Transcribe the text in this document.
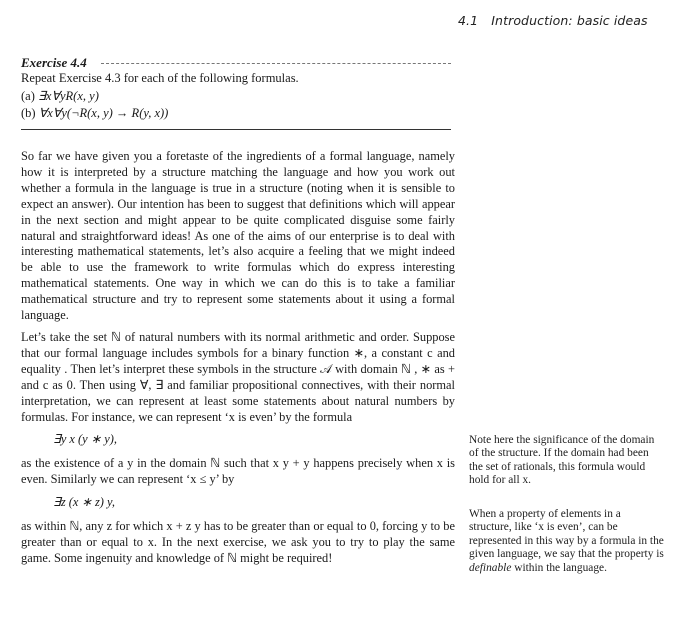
4.1 Introduction: basic ideas
Exercise 4.4
Repeat Exercise 4.3 for each of the following formulas.
(a) ∃x∀yR(x, y)
(b) ∀x∀y(¬R(x, y) → R(y, x))

So far we have given you a foretaste of the ingredients of a formal language, namely how it is interpreted by a structure matching the language and how you work out whether a formula in the language is true in a structure (noting when it is sensible to expect an answer). Our intention has been to suggest that definitions which will appear in the next section and might appear to be quite complicated disguise some fairly natural and straightforward ideas! As one of the aims of our enterprise is to deal with interesting mathematical statements, let’s also acquire a feeling that we might indeed be able to use the framework to write formulas which do express interesting mathematical statements. One way in which we can do this is to take a familiar mathematical structure and try to represent some statements about it using a formal language.

Let’s take the set ℕ of natural numbers with its normal arithmetic and order. Suppose that our formal language includes symbols for a binary function ∗, a constant c and equality . Then let’s interpret these symbols in the structure 𝒜 with domain ℕ , ∗ as + and c as 0. Then using ∀, ∃ and familiar propositional connectives, with their normal interpretation, we can represent at least some statements about natural numbers by formulas. For instance, we can represent ‘x is even’ by the formula

∃y x (y ∗ y),

as the existence of a y in the domain ℕ such that x y + y happens precisely when x is even. Similarly we can represent ‘x ≤ y’ by

∃z (x ∗ z) y,

as within ℕ, any z for which x + z y has to be greater than or equal to 0, forcing y to be greater than or equal to x. In the next exercise, we ask you to try to play the same game. Some ingenuity and knowledge of ℕ might be required!

Note here the significance of the domain of the structure. If the domain had been the set of rationals, this formula would hold for all x.
When a property of elements in a structure, like ‘x is even’, can be represented in this way by a formula in the given language, we say that the property is definable within the language.
